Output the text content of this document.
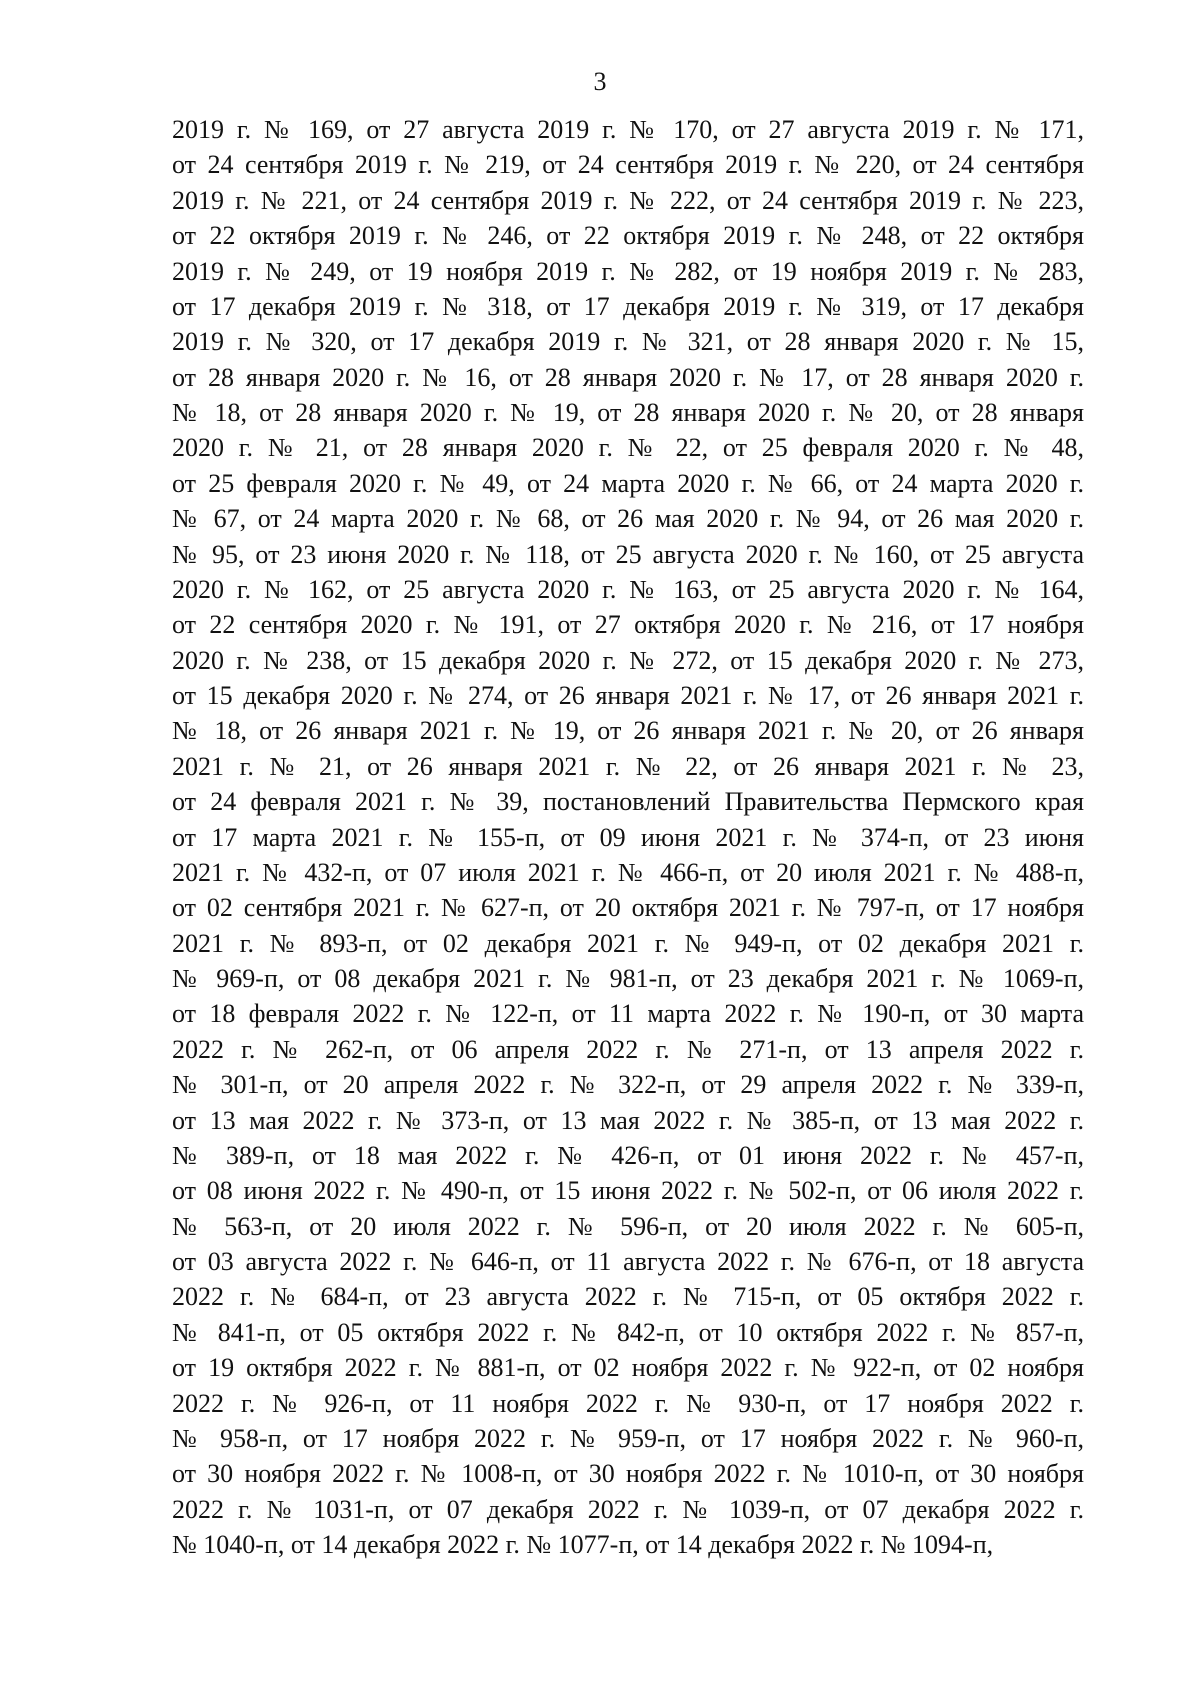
3
2019 г. № 169, от 27 августа 2019 г. № 170, от 27 августа 2019 г. № 171,
от 24 сентября 2019 г. № 219, от 24 сентября 2019 г. № 220, от 24 сентября
2019 г. № 221, от 24 сентября 2019 г. № 222, от 24 сентября 2019 г. № 223,
от 22 октября 2019 г. № 246, от 22 октября 2019 г. № 248, от 22 октября
2019 г. № 249, от 19 ноября 2019 г. № 282, от 19 ноября 2019 г. № 283,
от 17 декабря 2019 г. № 318, от 17 декабря 2019 г. № 319, от 17 декабря
2019 г. № 320, от 17 декабря 2019 г. № 321, от 28 января 2020 г. № 15,
от 28 января 2020 г. № 16, от 28 января 2020 г. № 17, от 28 января 2020 г.
№ 18, от 28 января 2020 г. № 19, от 28 января 2020 г. № 20, от 28 января
2020 г. № 21, от 28 января 2020 г. № 22, от 25 февраля 2020 г. № 48,
от 25 февраля 2020 г. № 49, от 24 марта 2020 г. № 66, от 24 марта 2020 г.
№ 67, от 24 марта 2020 г. № 68, от 26 мая 2020 г. № 94, от 26 мая 2020 г.
№ 95, от 23 июня 2020 г. № 118, от 25 августа 2020 г. № 160, от 25 августа
2020 г. № 162, от 25 августа 2020 г. № 163, от 25 августа 2020 г. № 164,
от 22 сентября 2020 г. № 191, от 27 октября 2020 г. № 216, от 17 ноября
2020 г. № 238, от 15 декабря 2020 г. № 272, от 15 декабря 2020 г. № 273,
от 15 декабря 2020 г. № 274, от 26 января 2021 г. № 17, от 26 января 2021 г.
№ 18, от 26 января 2021 г. № 19, от 26 января 2021 г. № 20, от 26 января
2021 г. № 21, от 26 января 2021 г. № 22, от 26 января 2021 г. № 23,
от 24 февраля 2021 г. № 39, постановлений Правительства Пермского края
от 17 марта 2021 г. № 155-п, от 09 июня 2021 г. № 374-п, от 23 июня
2021 г. № 432-п, от 07 июля 2021 г. № 466-п, от 20 июля 2021 г. № 488-п,
от 02 сентября 2021 г. № 627-п, от 20 октября 2021 г. № 797-п, от 17 ноября
2021 г. № 893-п, от 02 декабря 2021 г. № 949-п, от 02 декабря 2021 г.
№ 969-п, от 08 декабря 2021 г. № 981-п, от 23 декабря 2021 г. № 1069-п,
от 18 февраля 2022 г. № 122-п, от 11 марта 2022 г. № 190-п, от 30 марта
2022 г. № 262-п, от 06 апреля 2022 г. № 271-п, от 13 апреля 2022 г.
№ 301-п, от 20 апреля 2022 г. № 322-п, от 29 апреля 2022 г. № 339-п,
от 13 мая 2022 г. № 373-п, от 13 мая 2022 г. № 385-п, от 13 мая 2022 г.
№ 389-п, от 18 мая 2022 г. № 426-п, от 01 июня 2022 г. № 457-п,
от 08 июня 2022 г. № 490-п, от 15 июня 2022 г. № 502-п, от 06 июля 2022 г.
№ 563-п, от 20 июля 2022 г. № 596-п, от 20 июля 2022 г. № 605-п,
от 03 августа 2022 г. № 646-п, от 11 августа 2022 г. № 676-п, от 18 августа
2022 г. № 684-п, от 23 августа 2022 г. № 715-п, от 05 октября 2022 г.
№ 841-п, от 05 октября 2022 г. № 842-п, от 10 октября 2022 г. № 857-п,
от 19 октября 2022 г. № 881-п, от 02 ноября 2022 г. № 922-п, от 02 ноября
2022 г. № 926-п, от 11 ноября 2022 г. № 930-п, от 17 ноября 2022 г.
№ 958-п, от 17 ноября 2022 г. № 959-п, от 17 ноября 2022 г. № 960-п,
от 30 ноября 2022 г. № 1008-п, от 30 ноября 2022 г. № 1010-п, от 30 ноября
2022 г. № 1031-п, от 07 декабря 2022 г. № 1039-п, от 07 декабря 2022 г.
№ 1040-п, от 14 декабря 2022 г. № 1077-п, от 14 декабря 2022 г. № 1094-п,
